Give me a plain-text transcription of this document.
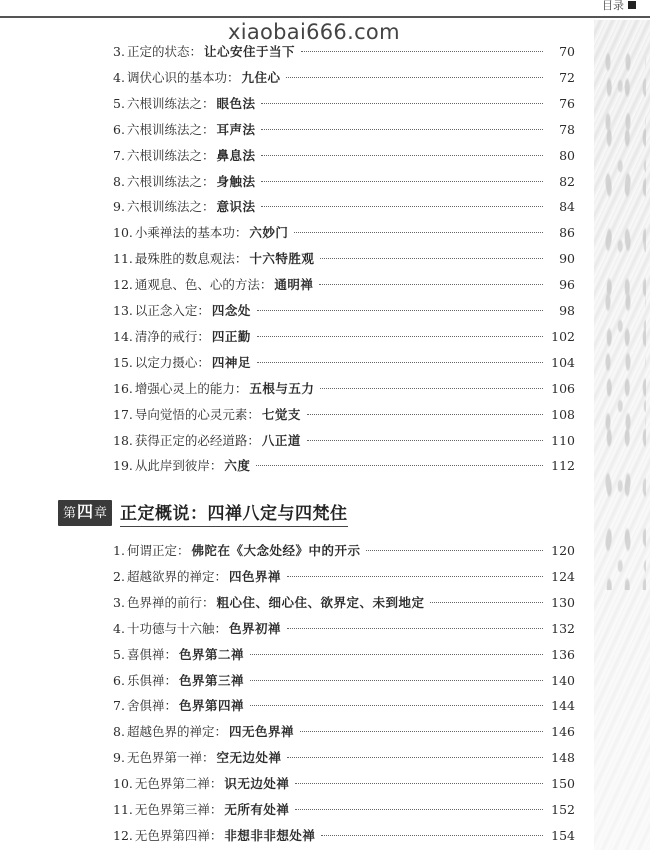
目录
xiaobai666.com
3. 正定的状态： 让心安住于当下	70
4. 调伏心识的基本功： 九住心	72
5. 六根训练法之： 眼色法	76
6. 六根训练法之： 耳声法	78
7. 六根训练法之： 鼻息法	80
8. 六根训练法之： 身触法	82
9. 六根训练法之： 意识法	84
10. 小乘禅法的基本功： 六妙门	86
11. 最殊胜的数息观法： 十六特胜观	90
12. 通观息、色、心的方法： 通明禅	96
13. 以正念入定： 四念处	98
14. 清净的戒行： 四正勤	102
15. 以定力摄心： 四神足	104
16. 增强心灵上的能力： 五根与五力	106
17. 导向觉悟的心灵元素： 七觉支	108
18. 获得正定的必经道路： 八正道	110
19. 从此岸到彼岸： 六度	112
第四章 正定概说：四禅八定与四梵住
1. 何谓正定： 佛陀在《大念处经》中的开示	120
2. 超越欲界的禅定： 四色界禅	124
3. 色界禅的前行： 粗心住、细心住、欲界定、未到地定	130
4. 十功德与十六触： 色界初禅	132
5. 喜俱禅： 色界第二禅	136
6. 乐俱禅： 色界第三禅	140
7. 舍俱禅： 色界第四禅	144
8. 超越色界的禅定： 四无色界禅	146
9. 无色界第一禅： 空无边处禅	148
10. 无色界第二禅： 识无边处禅	150
11. 无色界第三禅： 无所有处禅	152
12. 无色界第四禅： 非想非非想处禅	154
